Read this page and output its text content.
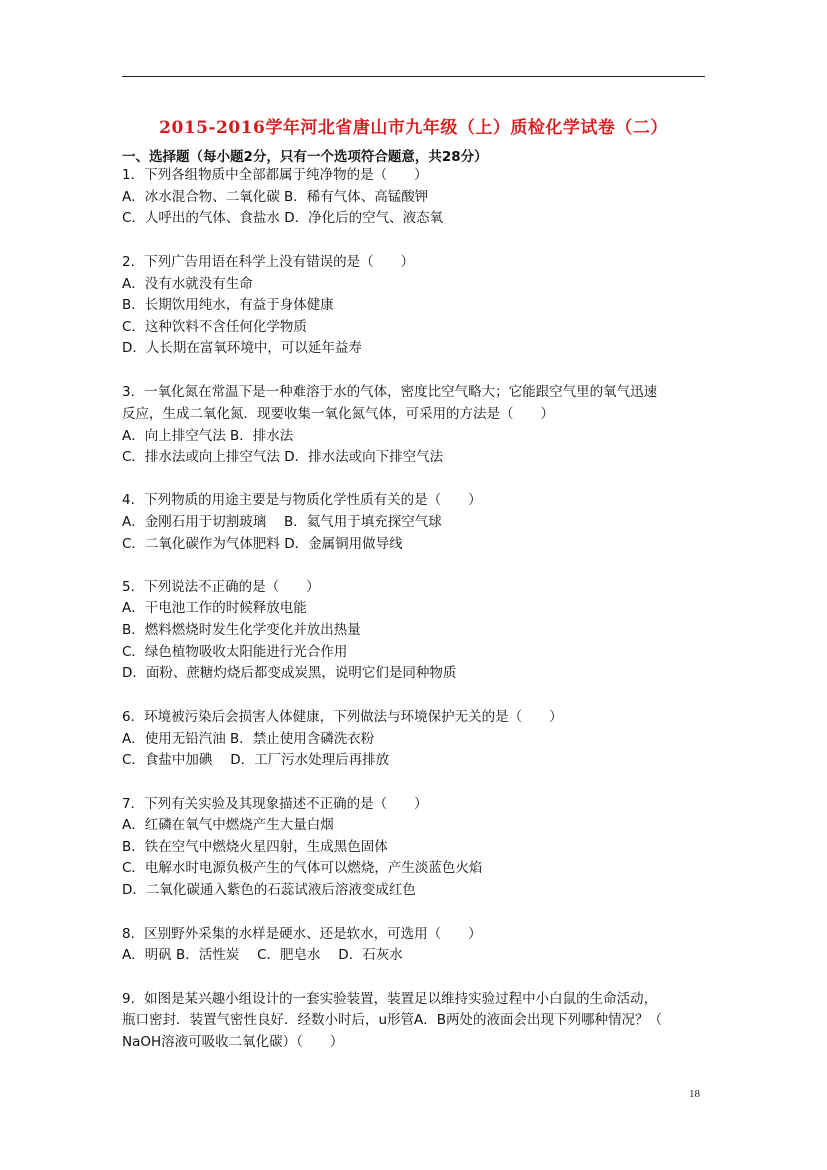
2015-2016学年河北省唐山市九年级（上）质检化学试卷（二）
一、选择题（每小题2分，只有一个选项符合题意，共28分）
1．下列各组物质中全部都属于纯净物的是（　　）
A．冰水混合物、二氧化碳 B．稀有气体、高锰酸钾
C．人呼出的气体、食盐水 D．净化后的空气、液态氧
2．下列广告用语在科学上没有错误的是（　　）
A．没有水就没有生命
B．长期饮用纯水，有益于身体健康
C．这种饮料不含任何化学物质
D．人长期在富氧环境中，可以延年益寿
3．一氧化氮在常温下是一种难溶于水的气体，密度比空气略大；它能跟空气里的氧气迅速
反应，生成二氧化氮．现要收集一氧化氮气体，可采用的方法是（　　）
A．向上排空气法 B．排水法
C．排水法或向上排空气法 D．排水法或向下排空气法
4．下列物质的用途主要是与物质化学性质有关的是（　　）
A．金刚石用于切割玻璃　 B．氦气用于填充探空气球
C．二氧化碳作为气体肥料 D．金属铜用做导线
5．下列说法不正确的是（　　）
A．干电池工作的时候释放电能
B．燃料燃烧时发生化学变化并放出热量
C．绿色植物吸收太阳能进行光合作用
D．面粉、蔗糖灼烧后都变成炭黑，说明它们是同种物质
6．环境被污染后会损害人体健康，下列做法与环境保护无关的是（　　）
A．使用无铅汽油 B．禁止使用含磷洗衣粉
C．食盐中加碘　 D．工厂污水处理后再排放
7．下列有关实验及其现象描述不正确的是（　　）
A．红磷在氧气中燃烧产生大量白烟
B．铁在空气中燃烧火星四射，生成黑色固体
C．电解水时电源负极产生的气体可以燃烧，产生淡蓝色火焰
D．二氧化碳通入紫色的石蕊试液后溶液变成红色
8．区别野外采集的水样是硬水、还是软水，可选用（　　）
A．明矾 B．活性炭　 C．肥皂水　 D．石灰水
9．如图是某兴趣小组设计的一套实验装置，装置足以维持实验过程中小白鼠的生命活动，
瓶口密封．装置气密性良好．经数小时后，u形管A．B两处的液面会出现下列哪种情况？（
NaOH溶液可吸收二氧化碳）（　　）
18
